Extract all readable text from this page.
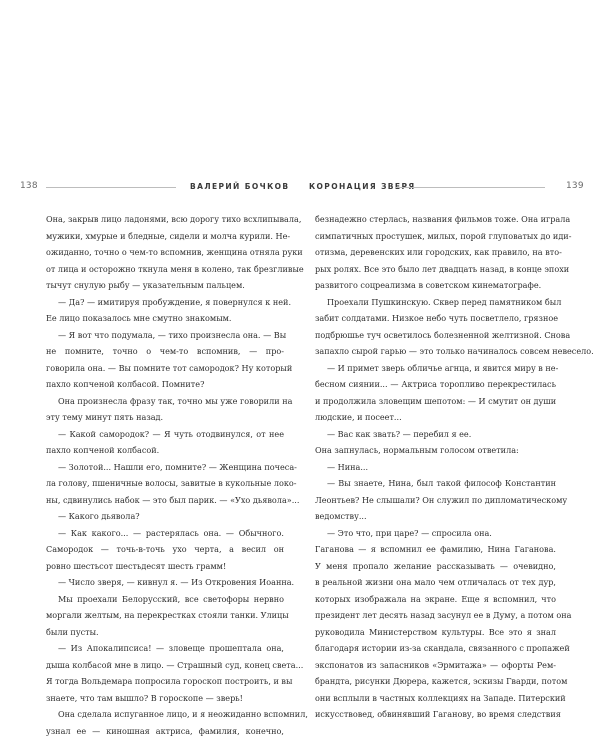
138	ВАЛЕРИЙ БОЧКОВ	КОРОНАЦИЯ ЗВЕРЯ	139

Она, закрыв лицо ладонями, всю дорогу тихо всхлипывала,

мужики, хмурые и бледные, сидели и молча курили. Не-

ожиданно, точно о чем-то вспомнив, женщина отняла руки

от лица и осторожно ткнула меня в колено, так брезгливые

тычут снулую рыбу — указательным пальцем.

— Да? — имитируя пробуждение, я повернулся к ней.

Ее лицо показалось мне смутно знакомым.

— Я вот что подумала, — тихо произнесла она. — Вы

не помните, точно о чем-то вспомнив, — про-

говорила она. — Вы помните тот самородок? Ну который

пахло копченой колбасой. Помните?

Она произнесла фразу так, точно мы уже говорили на

эту тему минут пять назад.

— Какой самородок? — Я чуть отодвинулся, от нее

пахло копченой колбасой.

— Золотой... Нашли его, помните? — Женщина почеса-

ла голову, пшеничные волосы, завитые в кукольные локо-

ны, сдвинулись набок — это был парик. — «Ухо дьявола»...

— Какого дьявола?

— Как какого... — растерялась она. — Обычного.

Самородок — точь-в-точь ухо черта, а весил он

ровно шестьсот шестьдесят шесть грамм!

— Число зверя, — кивнул я. — Из Откровения Иоанна.

Мы проехали Белорусский, все светофоры нервно

моргали желтым, на перекрестках стояли танки. Улицы

были пусты.

— Из Апокалипсиса! — зловеще прошептала она,

дыша колбасой мне в лицо. — Страшный суд, конец света...

Я тогда Вольдемара попросила гороскоп построить, и вы

знаете, что там вышло? В гороскопе — зверь!

Она сделала испуганное лицо, и я неожиданно вспомнил,

узнал ее — киношная актриса, фамилия, конечно,

безнадежно стерлась, названия фильмов тоже. Она играла

симпатичных простушек, милых, порой глуповатых до иди-

отизма, деревенских или городских, как правило, на вто-

рых ролях. Все это было лет двадцать назад, в конце эпохи

развитого соцреализма в советском кинематографе.

Проехали Пушкинскую. Сквер перед памятником был

забит солдатами. Низкое небо чуть посветлело, грязное

подбрюшье туч осветилось болезненной желтизной. Снова

запахло сырой гарью — это только начиналось совсем невесело.

— И примет зверь обличье агнца, и явится миру в не-

бесном сиянии... — Актриса торопливо перекрестилась

и продолжила зловещим шепотом: — И смутит он души

людские, и посеет...

— Вас как звать? — перебил я ее.

Она запнулась, нормальным голосом ответила:

— Нина...

— Вы знаете, Нина, был такой философ Константин

Леонтьев? Не слышали? Он служил по дипломатическому

ведомству...

— Это что, при царе? — спросила она.

Гаганова — я вспомнил ее фамилию, Нина Гаганова.

У меня пропало желание рассказывать — очевидно,

в реальной жизни она мало чем отличалась от тех дур,

которых изображала на экране. Еще я вспомнил, что

президент лет десять назад засунул ее в Думу, а потом она

руководила Министерством культуры. Все это я знал

благодаря истории из-за скандала, связанного с пропажей

экспонатов из запасников «Эрмитажа» — офорты Рем-

брандта, рисунки Дюрера, кажется, эскизы Гварди, потом

они всплыли в частных коллекциях на Западе. Питерский

искусствовед, обвинявший Гаганову, во время следствия
